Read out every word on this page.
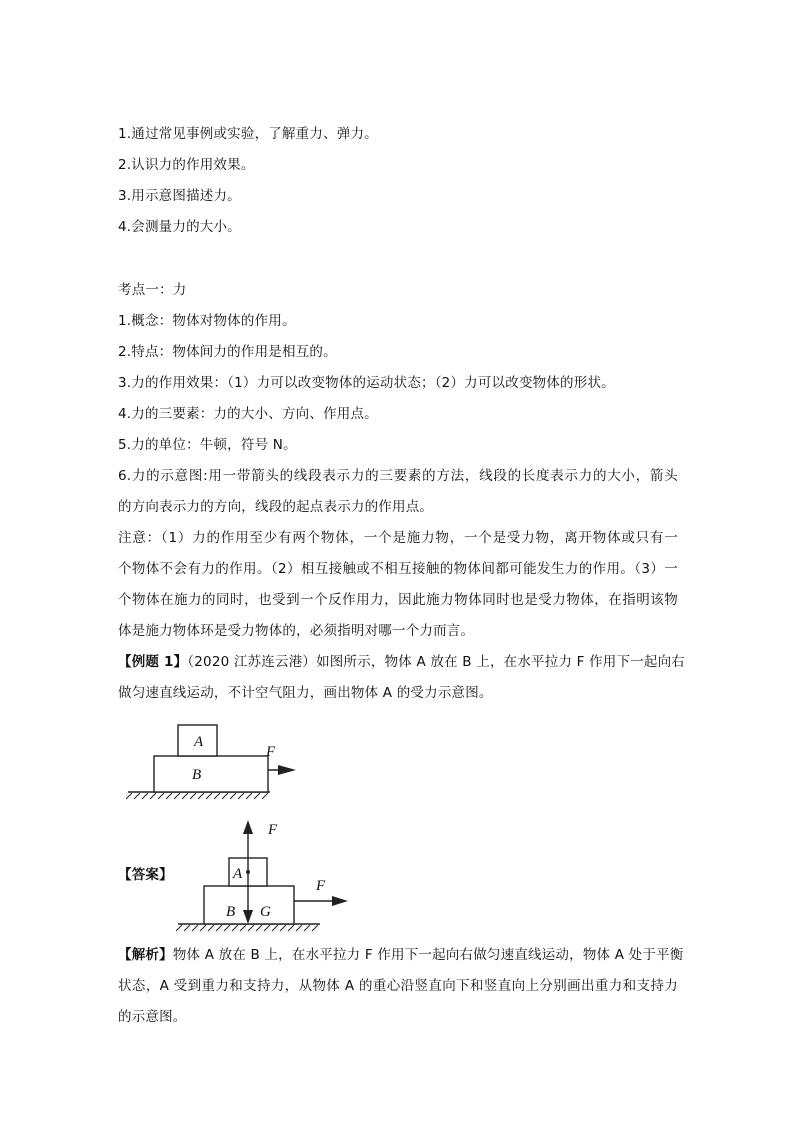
1.通过常见事例或实验，了解重力、弹力。
2.认识力的作用效果。
3.用示意图描述力。
4.会测量力的大小。
考点一：力
1.概念：物体对物体的作用。
2.特点：物体间力的作用是相互的。
3.力的作用效果：（1）力可以改变物体的运动状态；（2）力可以改变物体的形状。
4.力的三要素：力的大小、方向、作用点。
5.力的单位：牛顿，符号 N。
6.力的示意图:用一带箭头的线段表示力的三要素的方法，线段的长度表示力的大小，箭头
的方向表示力的方向，线段的起点表示力的作用点。
注意：（1）力的作用至少有两个物体，一个是施力物，一个是受力物，离开物体或只有一
个物体不会有力的作用。（2）相互接触或不相互接触的物体间都可能发生力的作用。（3）一
个物体在施力的同时，也受到一个反作用力，因此施力物体同时也是受力物体，在指明该物
体是施力物体环是受力物体的，必须指明对哪一个力而言。
【例题 1】（2020 江苏连云港）如图所示，物体 A 放在 B 上，在水平拉力 F 作用下一起向右
做匀速直线运动，不计空气阻力，画出物体 A 的受力示意图。
A
B
F
【答案】	A
B G
F
F
【解析】物体 A 放在 B 上，在水平拉力 F 作用下一起向右做匀速直线运动，物体 A 处于平衡
状态，A 受到重力和支持力，从物体 A 的重心沿竖直向下和竖直向上分别画出重力和支持力
的示意图。
